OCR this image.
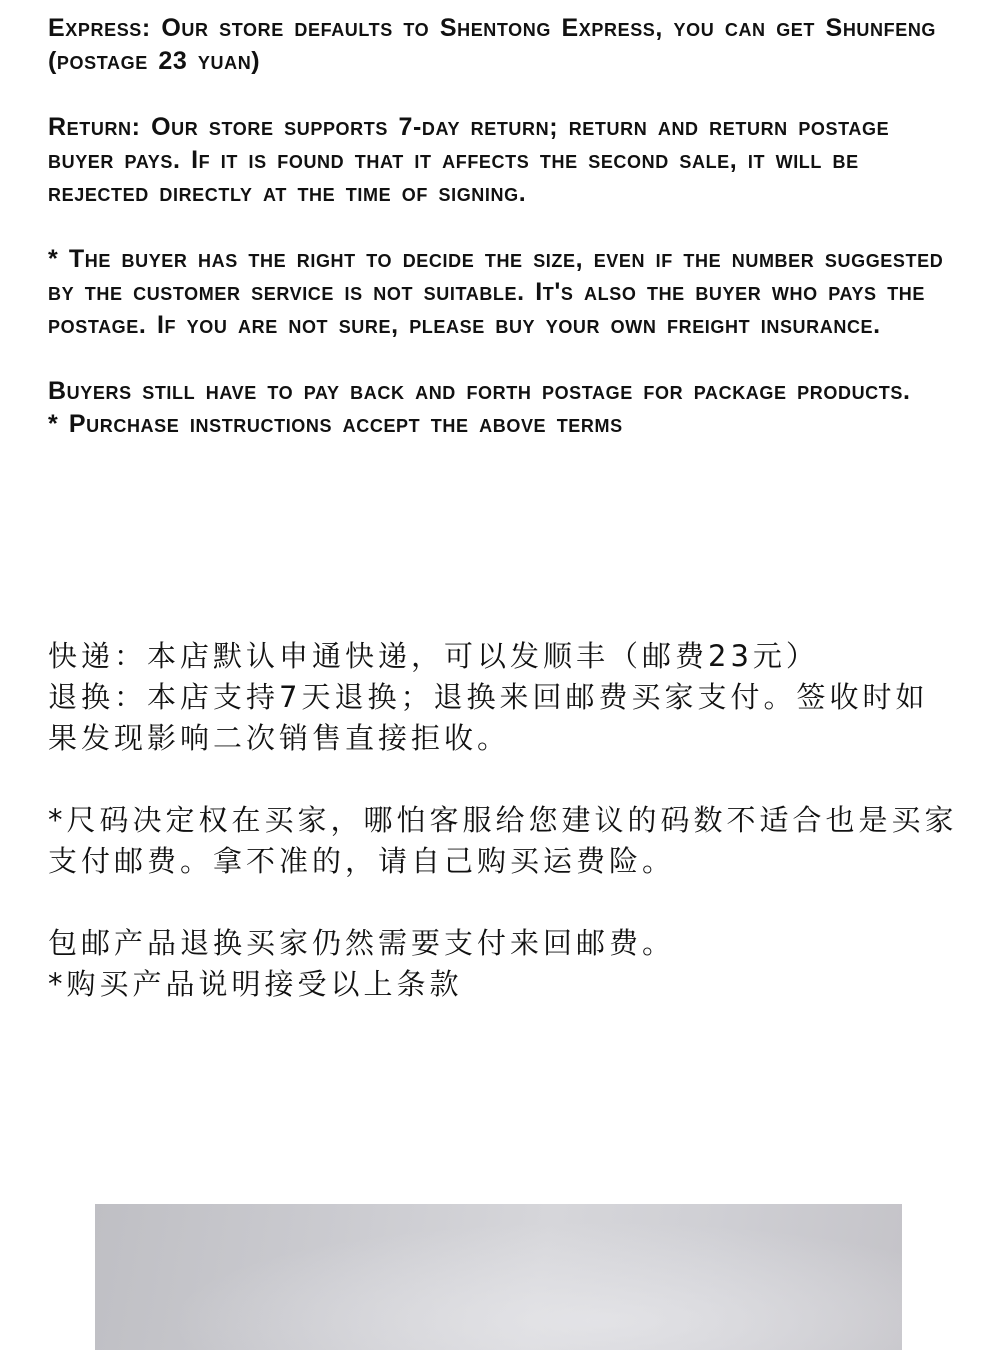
Express: Our store defaults to Shentong Express, you can get Shunfeng (postage 23 yuan)

Return: Our store supports 7-day return; return and return postage buyer pays. If it is found that it affects the second sale, it will be rejected directly at the time of signing.

* The buyer has the right to decide the size, even if the number suggested by the customer service is not suitable. It's also the buyer who pays the postage. If you are not sure, please buy your own freight insurance.

Buyers still have to pay back and forth postage for package products.

* Purchase instructions accept the above terms

快递：本店默认申通快递，可以发顺丰（邮费23元）

退换：本店支持7天退换；退换来回邮费买家支付。签收时如果发现影响二次销售直接拒收。

*尺码决定权在买家，哪怕客服给您建议的码数不适合也是买家支付邮费。拿不准的，请自己购买运费险。

包邮产品退换买家仍然需要支付来回邮费。

*购买产品说明接受以上条款
